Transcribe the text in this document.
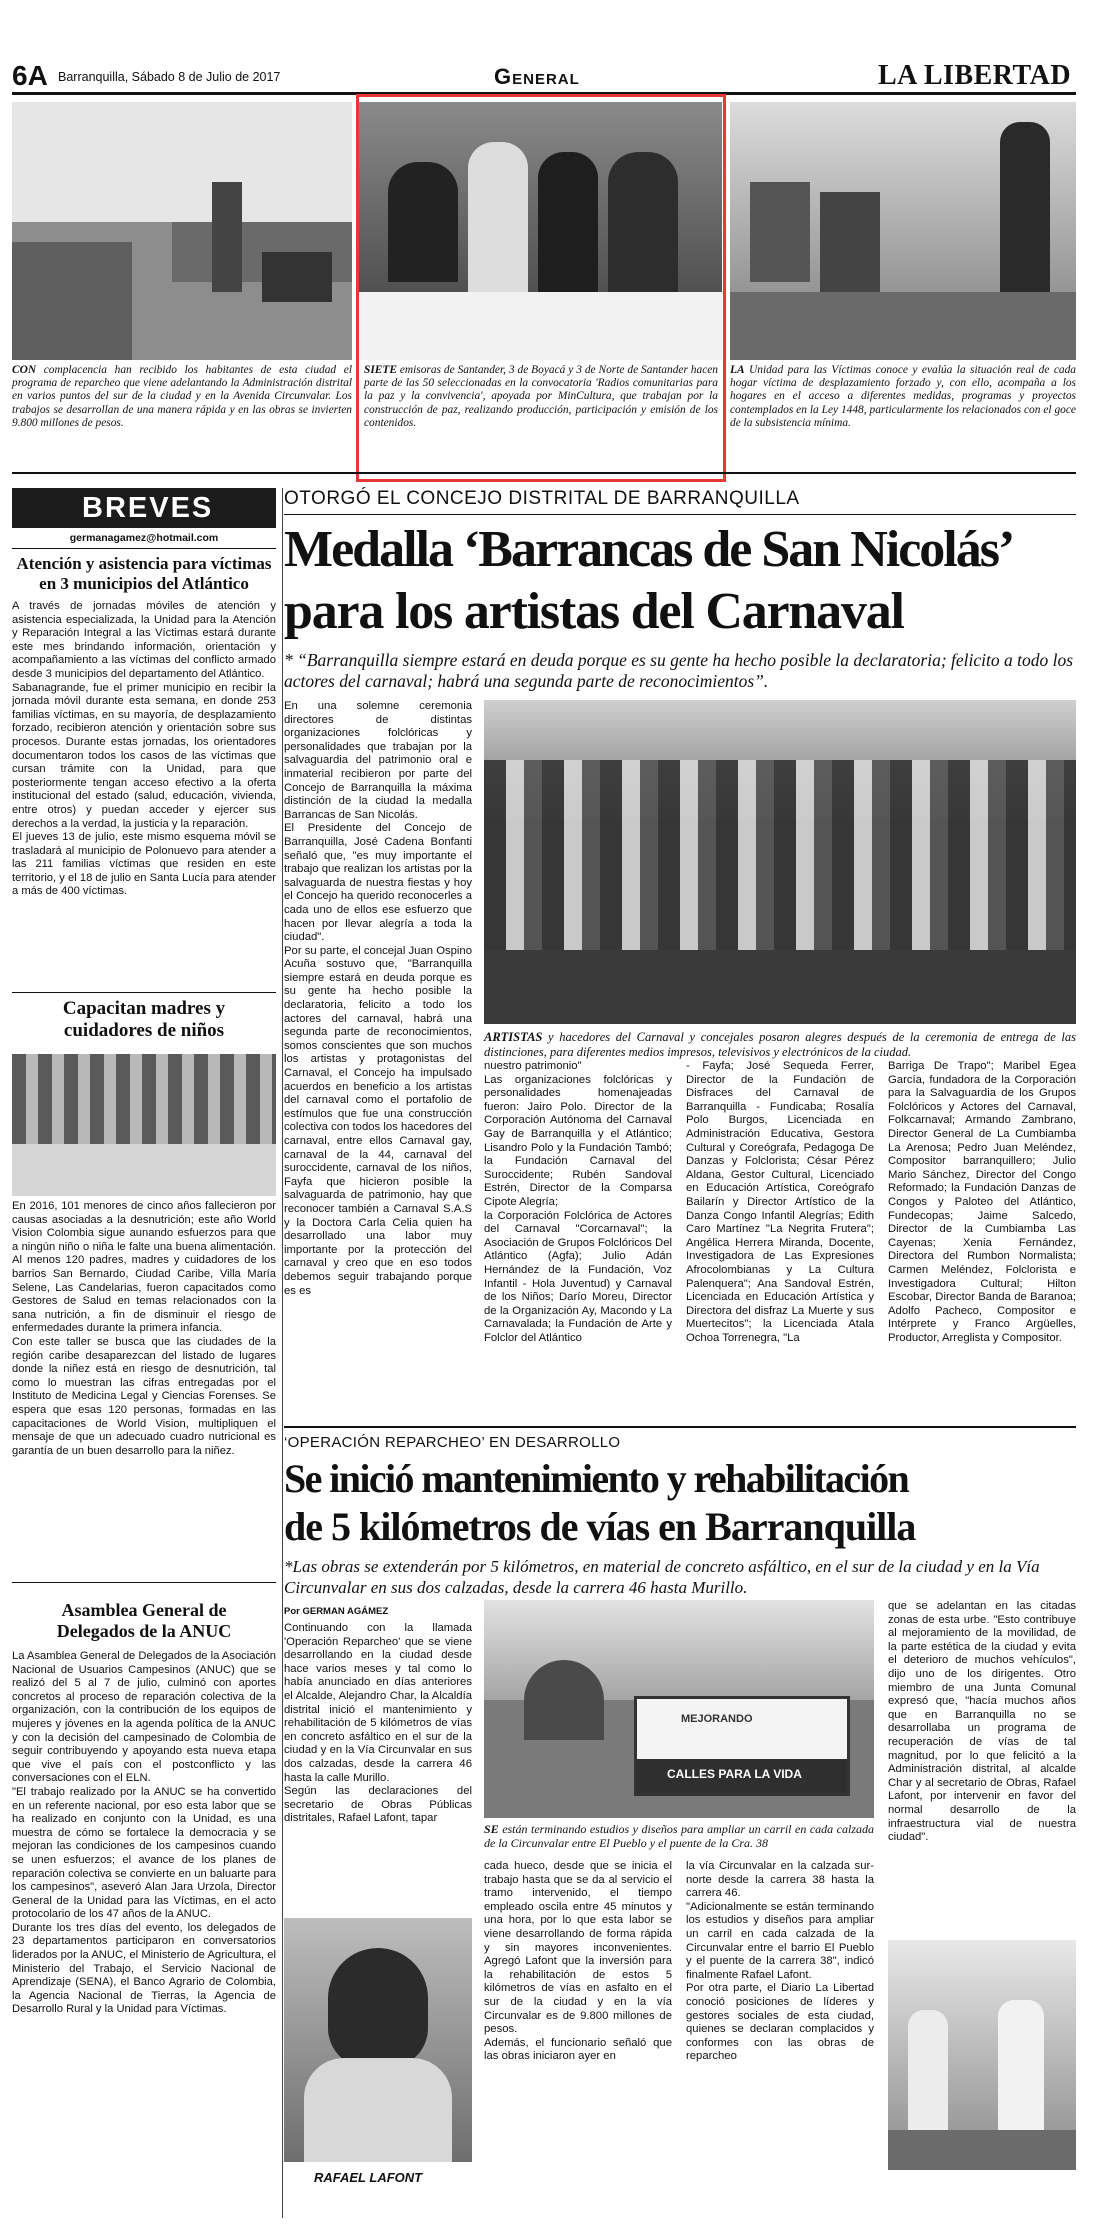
6A Barranquilla, Sábado 8 de Julio de 2017	General	LA LIBERTAD
CON complacencia han recibido los habitantes de esta ciudad el programa de reparcheo que viene adelantando la Administración distrital en varios puntos del sur de la ciudad y en la Avenida Circunvalar. Los trabajos se desarrollan de una manera rápida y en las obras se invierten 9.800 millones de pesos.
SIETE emisoras de Santander, 3 de Boyacá y 3 de Norte de Santander hacen parte de las 50 seleccionadas en la convocatoria 'Radios comunitarias para la paz y la convivencia', apoyada por MinCultura, que trabajan por la construcción de paz, realizando producción, participación y emisión de los contenidos.
LA Unidad para las Víctimas conoce y evalúa la situación real de cada hogar víctima de desplazamiento forzado y, con ello, acompaña a los hogares en el acceso a diferentes medidas, programas y proyectos contemplados en la Ley 1448, particularmente los relacionados con el goce de la subsistencia mínima.
BREVES
germanagamez@hotmail.com
Atención y asistencia para víctimas en 3 municipios del Atlántico

A través de jornadas móviles de atención y asistencia especializada, la Unidad para la Atención y Reparación Integral a las Víctimas estará durante este mes brindando información, orientación y acompañamiento a las víctimas del conflicto armado desde 3 municipios del departamento del Atlántico.

Sabanagrande, fue el primer municipio en recibir la jornada móvil durante esta semana, en donde 253 familias víctimas, en su mayoría, de desplazamiento forzado, recibieron atención y orientación sobre sus procesos. Durante estas jornadas, los orientadores documentaron todos los casos de las víctimas que cursan trámite con la Unidad, para que posteriormente tengan acceso efectivo a la oferta institucional del estado (salud, educación, vivienda, entre otros) y puedan acceder y ejercer sus derechos a la verdad, la justicia y la reparación.

El jueves 13 de julio, este mismo esquema móvil se trasladará al municipio de Polonuevo para atender a las 211 familias víctimas que residen en este territorio, y el 18 de julio en Santa Lucía para atender a más de 400 víctimas.

Capacitan madres y cuidadores de niños

En 2016, 101 menores de cinco años fallecieron por causas asociadas a la desnutrición; este año World Vision Colombia sigue aunando esfuerzos para que a ningún niño o niña le falte una buena alimentación. Al menos 120 padres, madres y cuidadores de los barrios San Bernardo, Ciudad Caribe, Villa María Selene, Las Candelarias, fueron capacitados como Gestores de Salud en temas relacionados con la sana nutrición, a fin de disminuir el riesgo de enfermedades durante la primera infancia.

Con este taller se busca que las ciudades de la región caribe desaparezcan del listado de lugares donde la niñez está en riesgo de desnutrición, tal como lo muestran las cifras entregadas por el Instituto de Medicina Legal y Ciencias Forenses. Se espera que esas 120 personas, formadas en las capacitaciones de World Vision, multipliquen el mensaje de que un adecuado cuadro nutricional es garantía de un buen desarrollo para la niñez.

Asamblea General de Delegados de la ANUC

La Asamblea General de Delegados de la Asociación Nacional de Usuarios Campesinos (ANUC) que se realizó del 5 al 7 de julio, culminó con aportes concretos al proceso de reparación colectiva de la organización, con la contribución de los equipos de mujeres y jóvenes en la agenda política de la ANUC y con la decisión del campesinado de Colombia de seguir contribuyendo y apoyando esta nueva etapa que vive el país con el postconflicto y las conversaciones con el ELN.

"El trabajo realizado por la ANUC se ha convertido en un referente nacional, por eso esta labor que se ha realizado en conjunto con la Unidad, es una muestra de cómo se fortalece la democracia y se mejoran las condiciones de los campesinos cuando se unen esfuerzos; el avance de los planes de reparación colectiva se convierte en un baluarte para los campesinos", aseveró Alan Jara Urzola, Director General de la Unidad para las Víctimas, en el acto protocolario de los 47 años de la ANUC.

Durante los tres días del evento, los delegados de 23 departamentos participaron en conversatorios liderados por la ANUC, el Ministerio de Agricultura, el Ministerio del Trabajo, el Servicio Nacional de Aprendizaje (SENA), el Banco Agrario de Colombia, la Agencia Nacional de Tierras, la Agencia de Desarrollo Rural y la Unidad para Víctimas.

OTORGÓ EL CONCEJO DISTRITAL DE BARRANQUILLA
Medalla ‘Barrancas de San Nicolás’
para los artistas del Carnaval
* “Barranquilla siempre estará en deuda porque es su gente ha hecho posible la declaratoria; felicito a todo los actores del carnaval; habrá una segunda parte de reconocimientos”.
En una solemne ceremonia directores de distintas organizaciones folclóricas y personalidades que trabajan por la salvaguardia del patrimonio oral e inmaterial recibieron por parte del Concejo de Barranquilla la máxima distinción de la ciudad la medalla Barrancas de San Nicolás.
El Presidente del Concejo de Barranquilla, José Cadena Bonfanti señaló que, "es muy importante el trabajo que realizan los artistas por la salvaguarda de nuestra fiestas y hoy el Concejo ha querido reconocerles a cada uno de ellos ese esfuerzo que hacen por llevar alegría a toda la ciudad".
Por su parte, el concejal Juan Ospino Acuña sostuvo que, "Barranquilla siempre estará en deuda porque es su gente ha hecho posible la declaratoria, felicito a todo los actores del carnaval, habrá una segunda parte de reconocimientos, somos conscientes que son muchos los artistas y protagonistas del Carnaval, el Concejo ha impulsado acuerdos en beneficio a los artistas del carnaval como el portafolio de estímulos que fue una construcción colectiva con todos los hacedores del carnaval, entre ellos Carnaval gay, carnaval de la 44, carnaval del suroccidente, carnaval de los niños, Fayfa que hicieron posible la salvaguarda de patrimonio, hay que reconocer también a Carnaval S.A.S y la Doctora Carla Celia quien ha desarrollado una labor muy importante por la protección del carnaval y creo que en eso todos debemos seguir trabajando porque es es
ARTISTAS y hacedores del Carnaval y concejales posaron alegres después de la ceremonia de entrega de las distinciones, para diferentes medios impresos, televisivos y electrónicos de la ciudad.
nuestro patrimonio"
Las organizaciones folclóricas y personalidades homenajeadas fueron: Jairo Polo. Director de la Corporación Autónoma del Carnaval Gay de Barranquilla y el Atlántico; Lisandro Polo y la Fundación Tambó; la Fundación Carnaval del Suroccidente; Rubén Sandoval Estrén, Director de la Comparsa Cipote Alegría;
la Corporación Folclórica de Actores del Carnaval "Corcarnaval"; la Asociación de Grupos Folclóricos Del Atlántico (Agfa); Julio Adán Hernández de la Fundación, Voz Infantil - Hola Juventud) y Carnaval de los Niños; Darío Moreu, Director de la Organización Ay, Macondo y La Carnavalada; la Fundación de Arte y Folclor del Atlántico
- Fayfa; José Sequeda Ferrer, Director de la Fundación de Disfraces del Carnaval de Barranquilla - Fundicaba; Rosalía Polo Burgos, Licenciada en Administración Educativa, Gestora Cultural y Coreógrafa, Pedagoga De Danzas y Folclorista; César Pérez Aldana, Gestor Cultural, Licenciado en Educación Artística, Coreógrafo Bailarín y Director Artístico de la Danza Congo Infantil Alegrías; Edith Caro Martínez "La Negrita Frutera"; Angélica Herrera Miranda, Docente, Investigadora de Las Expresiones Afrocolombianas y La Cultura Palenquera"; Ana Sandoval Estrén, Licenciada en Educación Artística y Directora del disfraz La Muerte y sus Muertecitos"; la Licenciada Atala Ochoa Torrenegra, "La
Barriga De Trapo"; Maribel Egea García, fundadora de la Corporación para la Salvaguardia de los Grupos Folclóricos y Actores del Carnaval, Folkcarnaval; Armando Zambrano, Director General de La Cumbiamba La Arenosa; Pedro Juan Meléndez, Compositor barranquillero; Julio Mario Sánchez, Director del Congo Reformado; la Fundación Danzas de Congos y Paloteo del Atlántico, Fundecopas; Jaime Salcedo, Director de la Cumbiamba Las Cayenas; Xenia Fernández, Directora del Rumbon Normalista; Carmen Meléndez, Folclorista e Investigadora Cultural; Hilton Escobar, Director Banda de Baranoa; Adolfo Pacheco, Compositor e Intérprete y Franco Argüelles, Productor, Arreglista y Compositor.
‘OPERACIÓN REPARCHEO’ EN DESARROLLO
Se inició mantenimiento y rehabilitación
de 5 kilómetros de vías en Barranquilla
*Las obras se extenderán por 5 kilómetros, en material de concreto asfáltico, en el sur de la ciudad y en la Vía Circunvalar en sus dos calzadas, desde la carrera 46 hasta Murillo.
Por GERMAN AGÁMEZ
Continuando con la llamada 'Operación Reparcheo' que se viene desarrollando en la ciudad desde hace varios meses y tal como lo había anunciado en días anteriores el Alcalde, Alejandro Char, la Alcaldía distrital inició el mantenimiento y rehabilitación de 5 kilómetros de vías en concreto asfáltico en el sur de la ciudad y en la Vía Circunvalar en sus dos calzadas, desde la carrera 46 hasta la calle Murillo.
Según las declaraciones del secretario de Obras Públicas distritales, Rafael Lafont, tapar
RAFAEL LAFONT
MEJORANDO
CALLES PARA LA VIDA
SE están terminando estudios y diseños para ampliar un carril en cada calzada de la Circunvalar entre El Pueblo y el puente de la Cra. 38
cada hueco, desde que se inicia el trabajo hasta que se da al servicio el tramo intervenido, el tiempo empleado oscila entre 45 minutos y una hora, por lo que esta labor se viene desarrollando de forma rápida y sin mayores inconvenientes. Agregó Lafont que la inversión para la rehabilitación de estos 5 kilómetros de vías en asfalto en el sur de la ciudad y en la vía Circunvalar es de 9.800 millones de pesos.
Además, el funcionario señaló que las obras iniciaron ayer en
la vía Circunvalar en la calzada sur-norte desde la carrera 38 hasta la carrera 46.
"Adicionalmente se están terminando los estudios y diseños para ampliar un carril en cada calzada de la Circunvalar entre el barrio El Pueblo y el puente de la carrera 38", indicó finalmente Rafael Lafont.
Por otra parte, el Diario La Libertad conoció posiciones de líderes y gestores sociales de esta ciudad, quienes se declaran complacidos y conformes con las obras de reparcheo
que se adelantan en las citadas zonas de esta urbe. "Esto contribuye al mejoramiento de la movilidad, de la parte estética de la ciudad y evita el deterioro de muchos vehículos", dijo uno de los dirigentes. Otro miembro de una Junta Comunal expresó que, "hacía muchos años que en Barranquilla no se desarrollaba un programa de recuperación de vías de tal magnitud, por lo que felicitó a la Administración distrital, al alcalde Char y al secretario de Obras, Rafael Lafont, por intervenir en favor del normal desarrollo de la infraestructura vial de nuestra ciudad".
